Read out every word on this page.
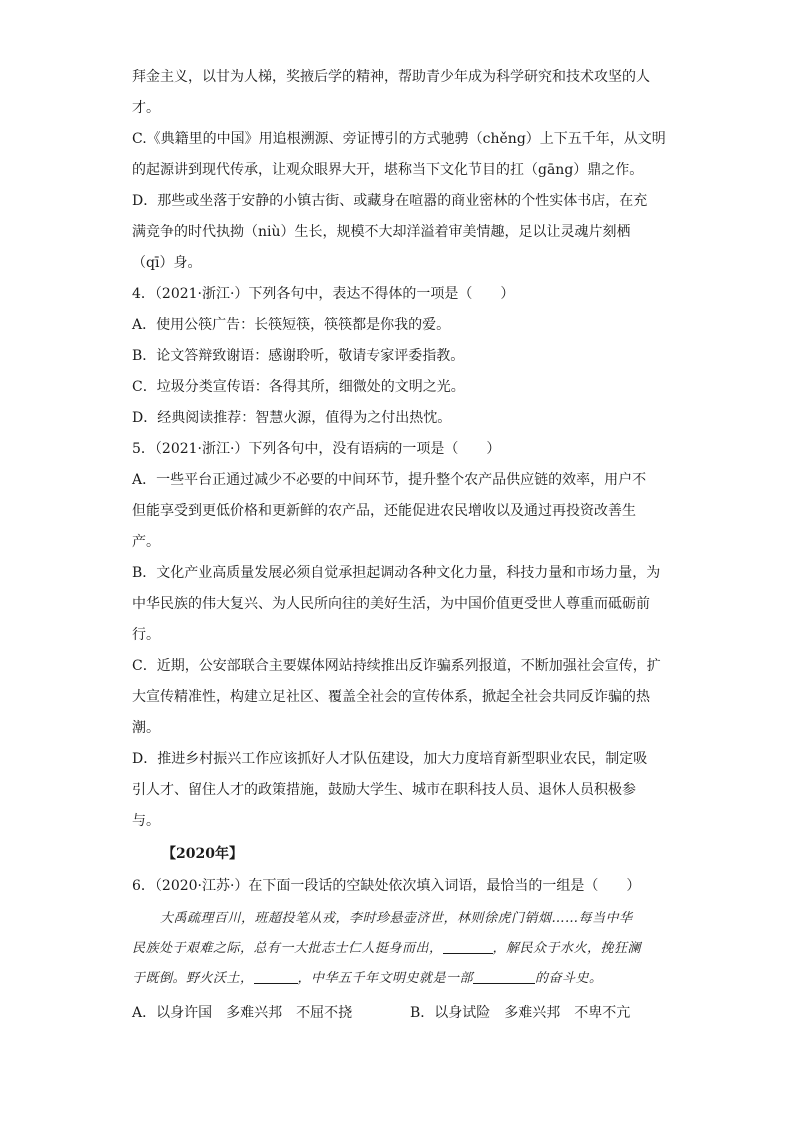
拜金主义，以甘为人梯，奖掖后学的精神，帮助青少年成为科学研究和技术攻坚的人

才。

C.《典籍里的中国》用追根溯源、旁证博引的方式驰骋（chěng）上下五千年，从文明

的起源讲到现代传承，让观众眼界大开，堪称当下文化节目的扛（gāng）鼎之作。

D．那些或坐落于安静的小镇古街、或藏身在喧嚣的商业密林的个性实体书店，在充

满竞争的时代执拗（niù）生长，规模不大却洋溢着审美情趣，足以让灵魂片刻栖

（qī）身。

4．（2021·浙江·）下列各句中，表达不得体的一项是（　　）

A．使用公筷广告：长筷短筷，筷筷都是你我的爱。

B．论文答辩致谢语：感谢聆听，敬请专家评委指教。

C．垃圾分类宣传语：各得其所，细微处的文明之光。

D．经典阅读推荐：智慧火源，值得为之付出热忱。

5．（2021·浙江·）下列各句中，没有语病的一项是（　　）

A．一些平台正通过减少不必要的中间环节，提升整个农产品供应链的效率，用户不

但能享受到更低价格和更新鲜的农产品，还能促进农民增收以及通过再投资改善生

产。

B．文化产业高质量发展必须自觉承担起调动各种文化力量，科技力量和市场力量，为

中华民族的伟大复兴、为人民所向往的美好生活，为中国价值更受世人尊重而砥砺前

行。

C．近期，公安部联合主要媒体网站持续推出反诈骗系列报道，不断加强社会宣传，扩

大宣传精准性，构建立足社区、覆盖全社会的宣传体系，掀起全社会共同反诈骗的热

潮。

D．推进乡村振兴工作应该抓好人才队伍建设，加大力度培育新型职业农民，制定吸

引人才、留住人才的政策措施，鼓励大学生、城市在职科技人员、退休人员积极参

与。

【2020年】

6．（2020·江苏·）在下面一段话的空缺处依次填入词语，最恰当的一组是（　　）

大禹疏理百川，班超投笔从戎，李时珍悬壶济世，林则徐虎门销烟……每当中华
民族处于艰难之际，总有一大批志士仁人挺身而出，	，解民众于水火，挽狂澜
于既倒。野火沃土，	，中华五千年文明史就是一部	的奋斗史。
A．以身许国　多难兴邦　不屈不挠	B．以身试险　多难兴邦　不卑不亢
